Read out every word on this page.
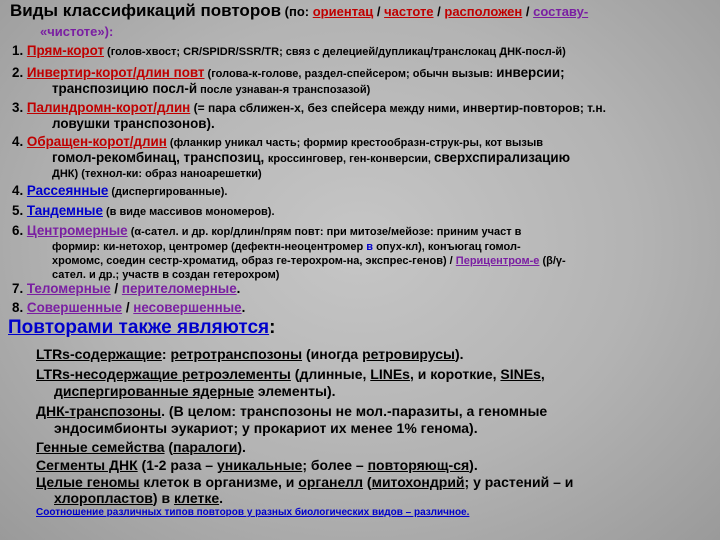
Виды классификаций повторов (по: ориентац / частоте / расположен / составу-
«чистоте»):
1. Прям-корот (голов-хвост; CR/SPIDR/SSR/TR; связ с делецией/дупликац/транслокац ДНК-посл-й)
2. Инвертир-корот/длин повт (голова-к-голове, раздел-спейсером; обычн вызыв: инверсии;
транспозицию посл-й после узнаван-я транспозазой)
3. Палиндромн-корот/длин (= пара сближен-х, без спейсера между ними, инвертир-повторов; т.н.
ловушки транспозонов).
4. Обращен-корот/длин (фланкир уникал часть; формир крестообразн-струк-ры, кот вызыв
гомол-рекомбинац, транспозиц, кроссинговер, ген-конверсии, сверхспирализацию
ДНК) (технол-ки: образ наноарешетки)
4. Рассеянные (диспергированные).
5. Тандемные (в виде массивов мономеров).
6. Центромерные (α-сател. и др. кор/длин/прям повт: при митозе/мейозе: приним участ в
формир: ки-нетохор, центромер (дефектн-неоцентромер в опух-кл), конъюгац гомол-
хромомс, соедин сестр-хроматид, образ ге-терохром-на, экспрес-генов) / Перицентром-е (β/γ-
сател. и др.; участв в создан гетерохром)
7. Теломерные / перителомерные.
8. Совершенные / несовершенные.
Повторами также являются:
LTRs-содержащие: ретротранспозоны (иногда ретровирусы).
LTRs-несодержащие ретроэлементы (длинные, LINEs, и короткие, SINEs,
диспергированные ядерные элементы).
ДНК-транспозоны. (В целом: транспозоны не мол.-паразиты, а геномные
эндосимбионты эукариот; у прокариот их менее 1% генома).
Генные семейства (паралоги).
Сегменты ДНК (1-2 раза – уникальные; более – повторяющ-ся).
Целые геномы клеток в организме, и органелл (митохондрий; у растений – и
хлоропластов) в клетке.
Соотношение различных типов повторов у разных биологических видов – различное.
